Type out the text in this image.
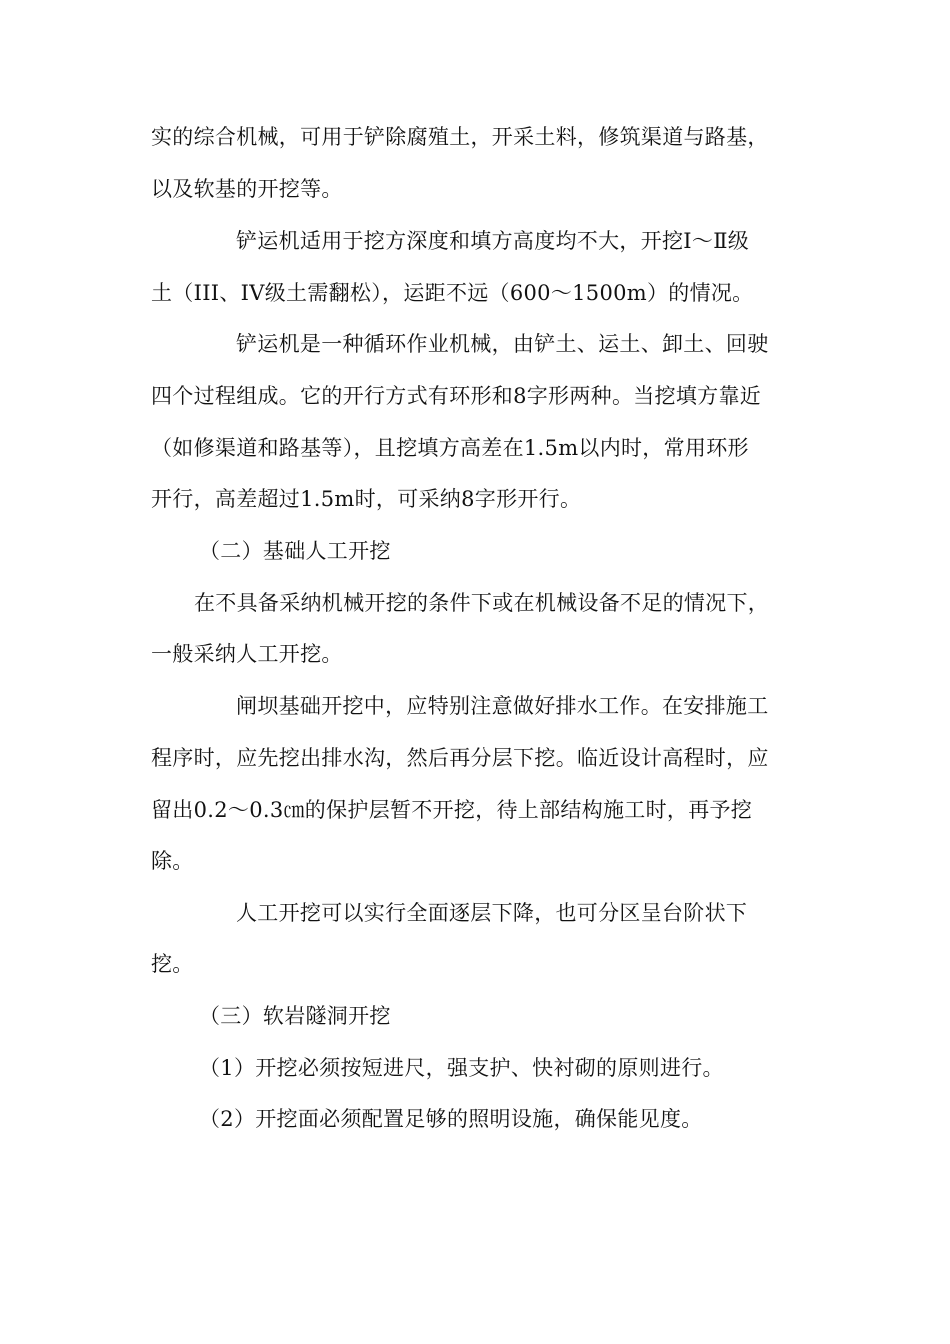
实的综合机械，可用于铲除腐殖土，开采土料，修筑渠道与路基，
以及软基的开挖等。
铲运机适用于挖方深度和填方高度均不大，开挖Ⅰ～Ⅱ级
土（III、IV级土需翻松），运距不远（600～1500m）的情况。
铲运机是一种循环作业机械，由铲土、运土、卸土、回驶
四个过程组成。它的开行方式有环形和8字形两种。当挖填方靠近
（如修渠道和路基等），且挖填方高差在1.5m以内时，常用环形
开行，高差超过1.5m时，可采纳8字形开行。
（二）基础人工开挖
在不具备采纳机械开挖的条件下或在机械设备不足的情况下，
一般采纳人工开挖。
闸坝基础开挖中，应特别注意做好排水工作。在安排施工
程序时，应先挖出排水沟，然后再分层下挖。临近设计高程时，应
留出0.2～0.3㎝的保护层暂不开挖，待上部结构施工时，再予挖
除。
人工开挖可以实行全面逐层下降，也可分区呈台阶状下
挖。
（三）软岩隧洞开挖
（1）开挖必须按短进尺，强支护、快衬砌的原则进行。
（2）开挖面必须配置足够的照明设施，确保能见度。
